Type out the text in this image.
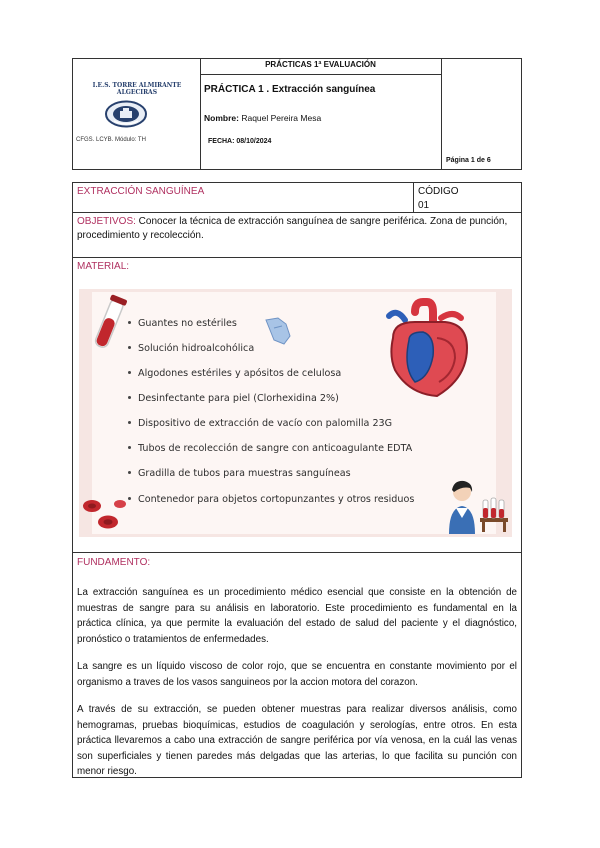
PRÁCTICAS 1ª EVALUACIÓN
I.E.S. TORRE ALMIRANTE ALGECIRAS
CFGS. LCYB. Módulo: TH
PRÁCTICA 1 . Extracción sanguínea
Nombre: Raquel Pereira Mesa
FECHA: 08/10/2024
Página 1 de 6
EXTRACCIÓN SANGUÍNEA	CÓDIGO
01
OBJETIVOS: Conocer la técnica de extracción sanguínea de sangre periférica. Zona de punción, procedimiento y recolección.
MATERIAL:
Guantes no estériles
Solución hidroalcohólica
Algodones estériles y apósitos de celulosa
Desinfectante para piel (Clorhexidina 2%)
Dispositivo de extracción de vacío con palomilla 23G
Tubos de recolección de sangre con anticoagulante EDTA
Gradilla de tubos para muestras sanguíneas
Contenedor para objetos cortopunzantes y otros residuos
FUNDAMENTO:
La extracción sanguínea es un procedimiento médico esencial que consiste en la obtención de muestras de sangre para su análisis en laboratorio. Este procedimiento es fundamental en la práctica clínica, ya que permite la evaluación del estado de salud del paciente y el diagnóstico, pronóstico o tratamientos de enfermedades.
La sangre es un líquido viscoso de color rojo, que se encuentra en constante movimiento por el organismo a traves de los vasos sanguineos por la accion motora del corazon.
A través de su extracción, se pueden obtener muestras para realizar diversos análisis, como hemogramas, pruebas bioquímicas, estudios de coagulación y serologías, entre otros. En esta práctica llevaremos a cabo una extracción de sangre periférica por vía venosa, en la cuál las venas son superficiales y tienen paredes más delgadas que las arterias, lo que facilita su punción con menor riesgo.
